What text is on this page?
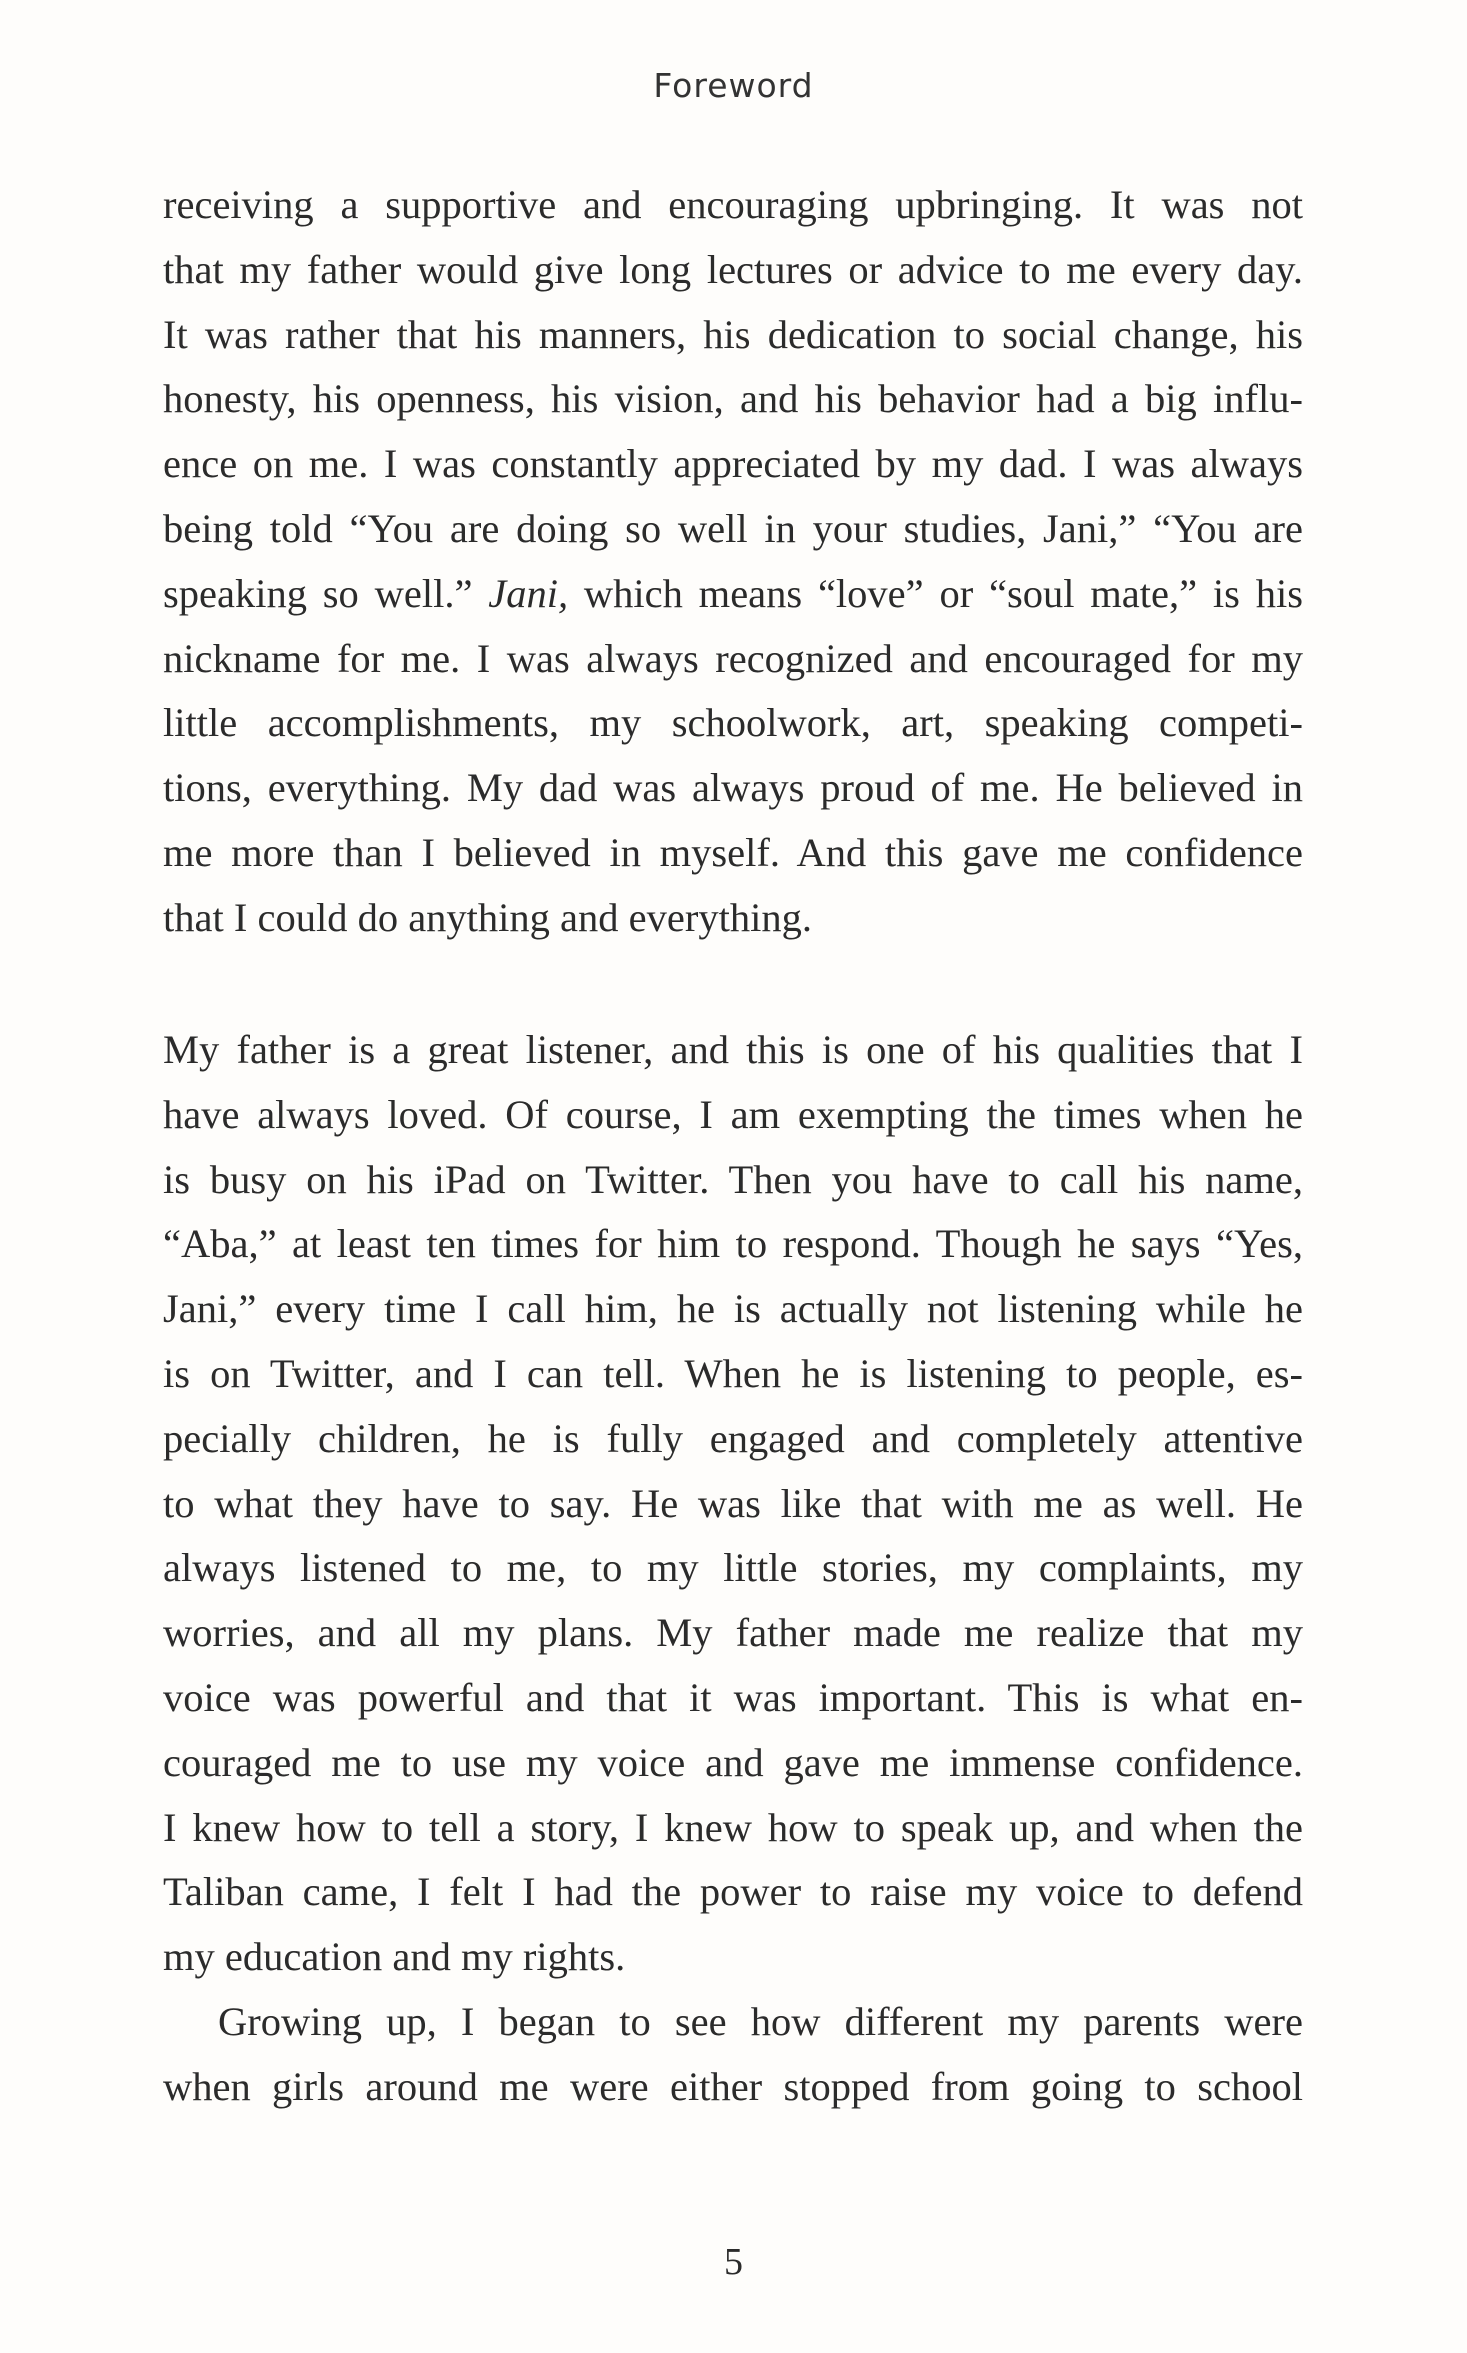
Foreword
receiving a supportive and encouraging upbringing. It was not
that my father would give long lectures or advice to me every day.
It was rather that his manners, his dedication to social change, his
honesty, his openness, his vision, and his behavior had a big influ-
ence on me. I was constantly appreciated by my dad. I was always
being told “You are doing so well in your studies, Jani,” “You are
speaking so well.” Jani, which means “love” or “soul mate,” is his
nickname for me. I was always recognized and encouraged for my
little accomplishments, my schoolwork, art, speaking competi-
tions, everything. My dad was always proud of me. He believed in
me more than I believed in myself. And this gave me confidence
that I could do anything and everything.
My father is a great listener, and this is one of his qualities that I
have always loved. Of course, I am exempting the times when he
is busy on his iPad on Twitter. Then you have to call his name,
“Aba,” at least ten times for him to respond. Though he says “Yes,
Jani,” every time I call him, he is actually not listening while he
is on Twitter, and I can tell. When he is listening to people, es-
pecially children, he is fully engaged and completely attentive
to what they have to say. He was like that with me as well. He
always listened to me, to my little stories, my complaints, my
worries, and all my plans. My father made me realize that my
voice was powerful and that it was important. This is what en-
couraged me to use my voice and gave me immense confidence.
I knew how to tell a story, I knew how to speak up, and when the
Taliban came, I felt I had the power to raise my voice to defend
my education and my rights.
Growing up, I began to see how different my parents were
when girls around me were either stopped from going to school
5
